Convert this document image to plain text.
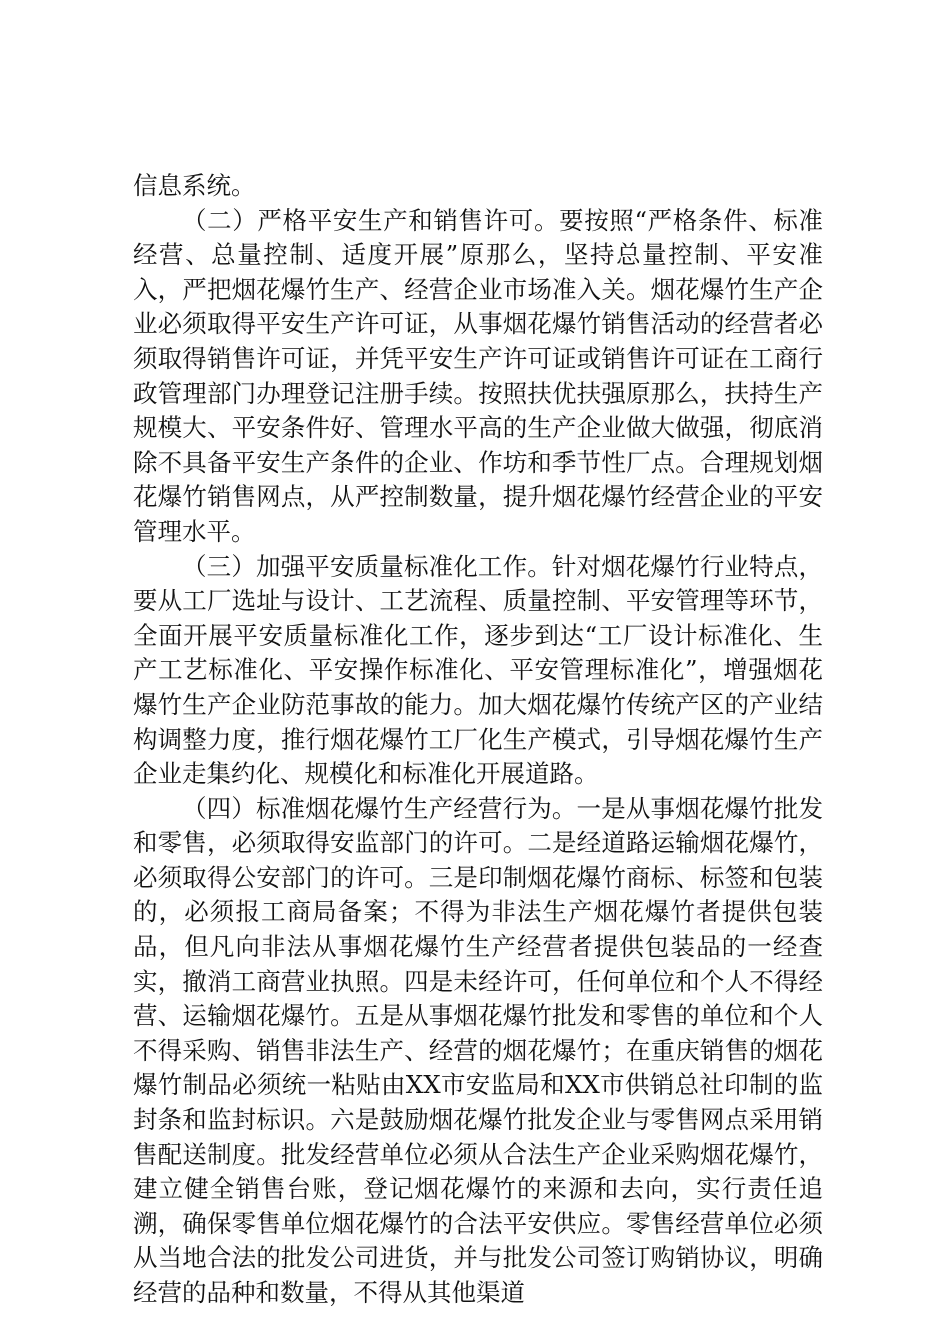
信息系统。

（二）严格平安生产和销售许可。要按照“严格条件、标准经营、总量控制、适度开展”原那么，坚持总量控制、平安准入，严把烟花爆竹生产、经营企业市场准入关。烟花爆竹生产企业必须取得平安生产许可证，从事烟花爆竹销售活动的经营者必须取得销售许可证，并凭平安生产许可证或销售许可证在工商行政管理部门办理登记注册手续。按照扶优扶强原那么，扶持生产规模大、平安条件好、管理水平高的生产企业做大做强，彻底消除不具备平安生产条件的企业、作坊和季节性厂点。合理规划烟花爆竹销售网点，从严控制数量，提升烟花爆竹经营企业的平安管理水平。

（三）加强平安质量标准化工作。针对烟花爆竹行业特点，要从工厂选址与设计、工艺流程、质量控制、平安管理等环节，全面开展平安质量标准化工作，逐步到达“工厂设计标准化、生产工艺标准化、平安操作标准化、平安管理标准化”，增强烟花爆竹生产企业防范事故的能力。加大烟花爆竹传统产区的产业结构调整力度，推行烟花爆竹工厂化生产模式，引导烟花爆竹生产企业走集约化、规模化和标准化开展道路。

（四）标准烟花爆竹生产经营行为。一是从事烟花爆竹批发和零售，必须取得安监部门的许可。二是经道路运输烟花爆竹，必须取得公安部门的许可。三是印制烟花爆竹商标、标签和包装的，必须报工商局备案；不得为非法生产烟花爆竹者提供包装品，但凡向非法从事烟花爆竹生产经营者提供包装品的一经查实，撤消工商营业执照。四是未经许可，任何单位和个人不得经营、运输烟花爆竹。五是从事烟花爆竹批发和零售的单位和个人不得采购、销售非法生产、经营的烟花爆竹；在重庆销售的烟花爆竹制品必须统一粘贴由XX市安监局和XX市供销总社印制的监封条和监封标识。六是鼓励烟花爆竹批发企业与零售网点采用销售配送制度。批发经营单位必须从合法生产企业采购烟花爆竹，建立健全销售台账，登记烟花爆竹的来源和去向，实行责任追溯，确保零售单位烟花爆竹的合法平安供应。零售经营单位必须从当地合法的批发公司进货，并与批发公司签订购销协议，明确经营的品种和数量，不得从其他渠道
